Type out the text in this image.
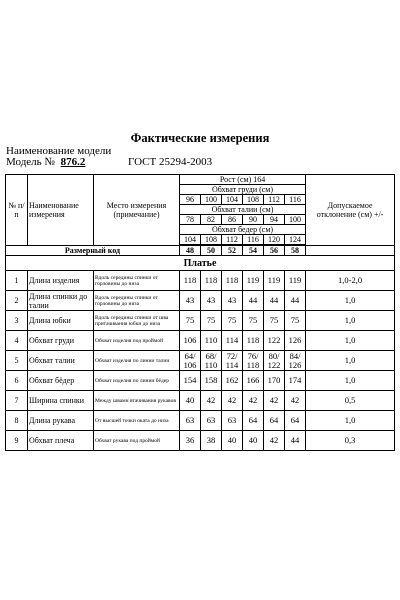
Фактические измерения
Наименование модели
Модель № 876.2	ГОСТ 25294-2003
№ п/п	Наименование измерения	Место измерения (примечание)	Рост (см) 164						Допускаемое отклонение (см) +/-
			Обхват груди (см)						
			96	100	104	108	112	116	
			Обхват талии (см)						
			78	82	86	90	94	100	
			Обхват бедер (см)						
			104	108	112	116	120	124	

Размерный код			48	50	52	54	56	58	
Платье									
1	Длина изделия	Вдоль середины спинки от горловины до низа	118	118	118	119	119	119	1,0-2,0
2	Длина спинки до талии	Вдоль середины спинки от горловины до низа	43	43	43	44	44	44	1,0
3	Длина юбки	Вдоль середины спинки от шва притачивания юбки до низа	75	75	75	75	75	75	1,0
4	Обхват груди	Обхват изделия под проймой	106	110	114	118	122	126	1,0
5	Обхват талии	Обхват изделия по линии талии	64/ 106	68/ 110	72/ 114	76/ 118	80/ 122	84/ 126	1,0
6	Обхват бёдер	Обхват изделия по линии бёдер	154	158	162	166	170	174	1,0
7	Ширина спинки	Между швами втачивания рукавов	40	42	42	42	42	42	0,5
8	Длина рукава	От высшей точки оката до низа	63	63	63	64	64	64	1,0
9	Обхват плеча	Обхват рукава под проймой	36	38	40	40	42	44	0,3
